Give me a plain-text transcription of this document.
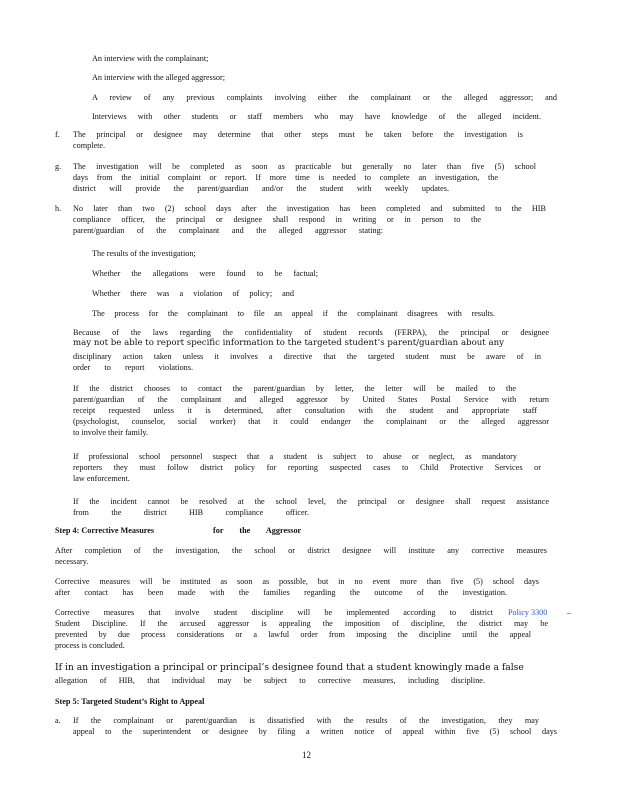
An interview with the complainant;
An interview with the alleged aggressor;
A review of any previous complaints involving either the complainant or the alleged aggressor; and
Interviews with other students or staff members who may have knowledge of the alleged incident.
f. The principal or designee may determine that other steps must be taken before the investigation is
complete.
g. The investigation will be completed as soon as practicable but generally no later than five (5) school
days from the initial complaint or report. If more time is needed to complete an investigation, the
district will provide the parent/guardian and/or the student with weekly updates.
h. No later than two (2) school days after the investigation has been completed and submitted to the HIB
compliance officer, the principal or designee shall respond in writing or in person to the
parent/guardian of the complainant and the alleged aggressor stating:
The results of the investigation;
Whether the allegations were found to be factual;
Whether there was a violation of policy; and
The process for the complainant to file an appeal if the complainant disagrees with results.
Because of the laws regarding the confidentiality of student records (FERPA), the principal or designee
may not be able to report specific information to the targeted student’s parent/guardian about any
disciplinary action taken unless it involves a directive that the targeted student must be aware of in
order to report violations.
If the district chooses to contact the parent/guardian by letter, the letter will be mailed to the
parent/guardian of the complainant and alleged aggressor by United States Postal Service with return
receipt requested unless it is determined, after consultation with the student and appropriate staff
(psychologist, counselor, social worker) that it could endanger the complainant or the alleged aggressor
to involve their family.
If professional school personnel suspect that a student is subject to abuse or neglect, as mandatory
reporters they must follow district policy for reporting suspected cases to Child Protective Services or
law enforcement.
If the incident cannot be resolved at the school level, the principal or designee shall request assistance
from the district HIB compliance officer.
Step 4: Corrective Measures	for the Aggressor
After completion of the investigation, the school or district designee will institute any corrective measures
necessary.
Corrective measures will be instituted as soon as possible, but in no event more than five (5) school days
after contact has been made with the families regarding the outcome of the investigation.
Corrective measures that involve student discipline will be implemented according to district Policy 3300 –
Student Discipline. If the accused aggressor is appealing the imposition of discipline, the district may be
prevented by due process considerations or a lawful order from imposing the discipline until the appeal
process is concluded.
If in an investigation a principal or principal’s designee found that a student knowingly made a false
allegation of HIB, that individual may be subject to corrective measures, including discipline.
Step 5: Targeted Student’s Right to Appeal
a. If the complainant or parent/guardian is dissatisfied with the results of the investigation, they may
appeal to the superintendent or designee by filing a written notice of appeal within five (5) school days
12
